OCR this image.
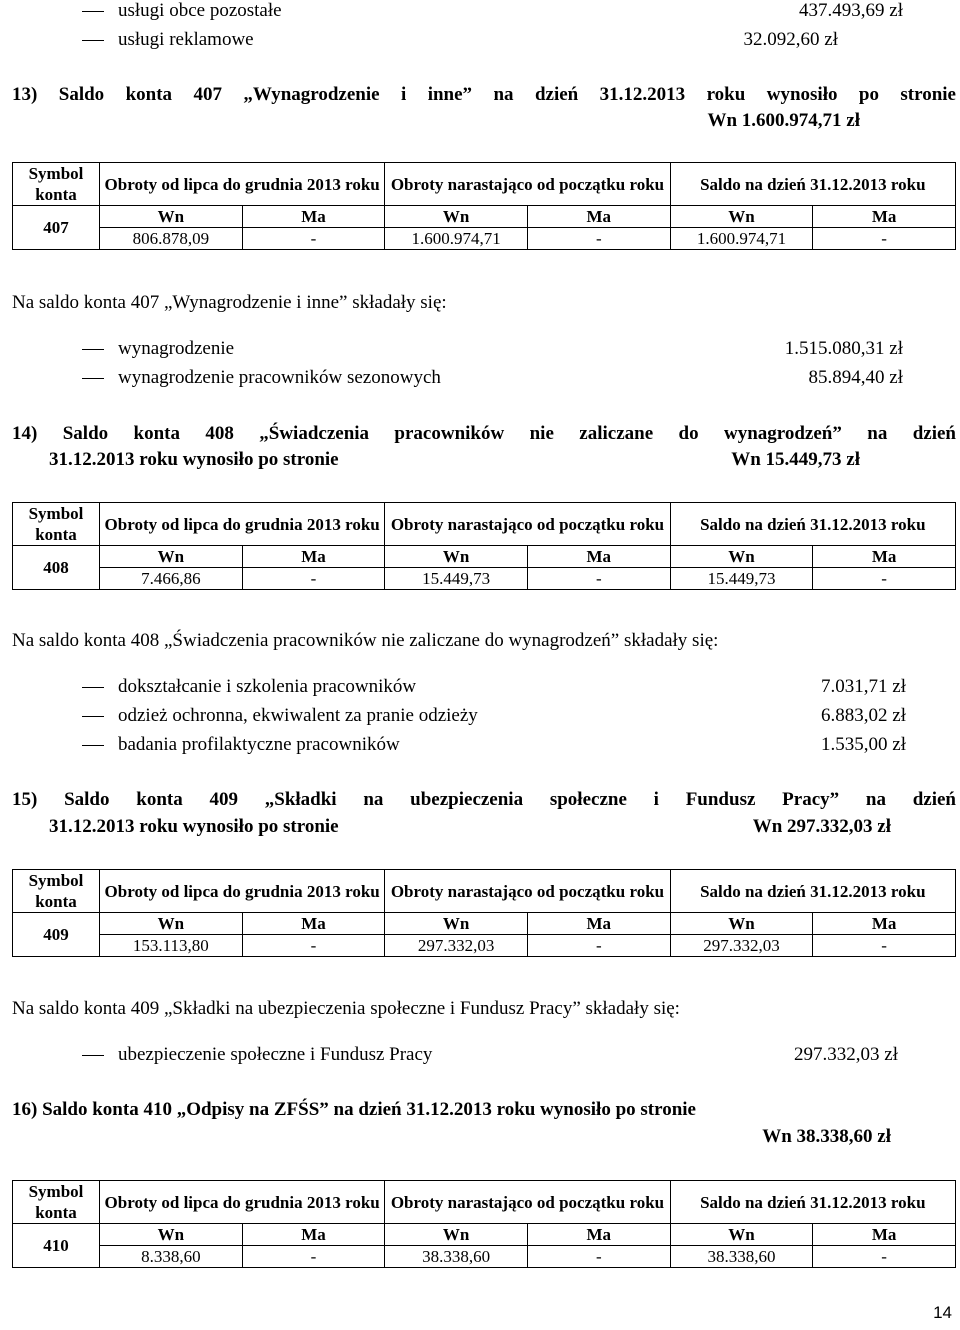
usługi obce pozostałe	437.493,69 zł
usługi reklamowe	32.092,60 zł
13) Saldo konta 407 „Wynagrodzenie i inne” na dzień 31.12.2013 roku wynosiło po stronie
Wn 1.600.974,71 zł
Symbol konta	Obroty od lipca do grudnia 2013 roku		Obroty narastająco od początku roku		Saldo na dzień 31.12.2013 roku	

407	Wn	Ma	Wn	Ma	Wn	Ma
	806.878,09	-	1.600.974,71	-	1.600.974,71	-
Na saldo konta 407 „Wynagrodzenie i inne” składały się:
wynagrodzenie	1.515.080,31 zł
wynagrodzenie pracowników sezonowych	85.894,40 zł
14) Saldo konta 408 „Świadczenia pracowników nie zaliczane do wynagrodzeń” na dzień
31.12.2013 roku wynosiło po stronie	Wn 15.449,73 zł
Symbol konta	Obroty od lipca do grudnia 2013 roku		Obroty narastająco od początku roku		Saldo na dzień 31.12.2013 roku	

408	Wn	Ma	Wn	Ma	Wn	Ma
	7.466,86	-	15.449,73	-	15.449,73	-
Na saldo konta 408 „Świadczenia pracowników nie zaliczane do wynagrodzeń” składały się:
dokształcanie i szkolenia pracowników	7.031,71 zł
odzież ochronna, ekwiwalent za pranie odzieży	6.883,02 zł
badania profilaktyczne pracowników	1.535,00 zł
15) Saldo konta 409 „Składki na ubezpieczenia społeczne i Fundusz Pracy” na dzień
31.12.2013 roku wynosiło po stronie	Wn 297.332,03 zł
Symbol konta	Obroty od lipca do grudnia 2013 roku		Obroty narastająco od początku roku		Saldo na dzień 31.12.2013 roku	

409	Wn	Ma	Wn	Ma	Wn	Ma
	153.113,80	-	297.332,03	-	297.332,03	-
Na saldo konta 409 „Składki na ubezpieczenia społeczne i Fundusz Pracy” składały się:
ubezpieczenie społeczne i Fundusz Pracy	297.332,03 zł
16) Saldo konta 410 „Odpisy na ZFŚS” na dzień 31.12.2013 roku wynosiło po stronie
Wn 38.338,60 zł
Symbol konta	Obroty od lipca do grudnia 2013 roku		Obroty narastająco od początku roku		Saldo na dzień 31.12.2013 roku	

410	Wn	Ma	Wn	Ma	Wn	Ma
	8.338,60	-	38.338,60	-	38.338,60	-
14
